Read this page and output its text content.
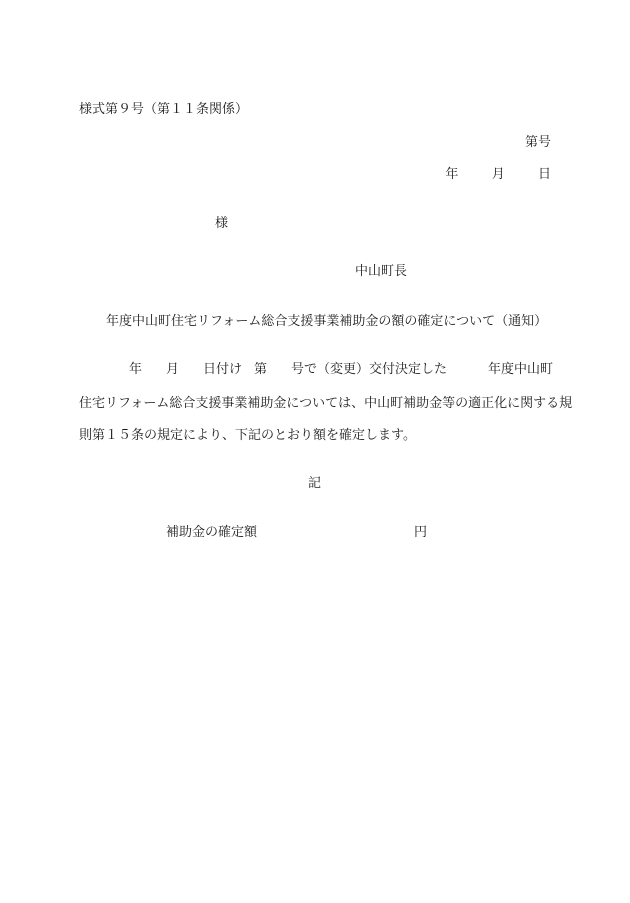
様式第９号（第１１条関係）
第号
年	月	日
様
中山町長
年度中山町住宅リフォーム総合支援事業補助金の額の確定について（通知）
年 月 日付け 第 号で（変更）交付決定した	年度中山町
住宅リフォーム総合支援事業補助金については、中山町補助金等の適正化に関する規
則第１５条の規定により、下記のとおり額を確定します。
記
補助金の確定額	円
